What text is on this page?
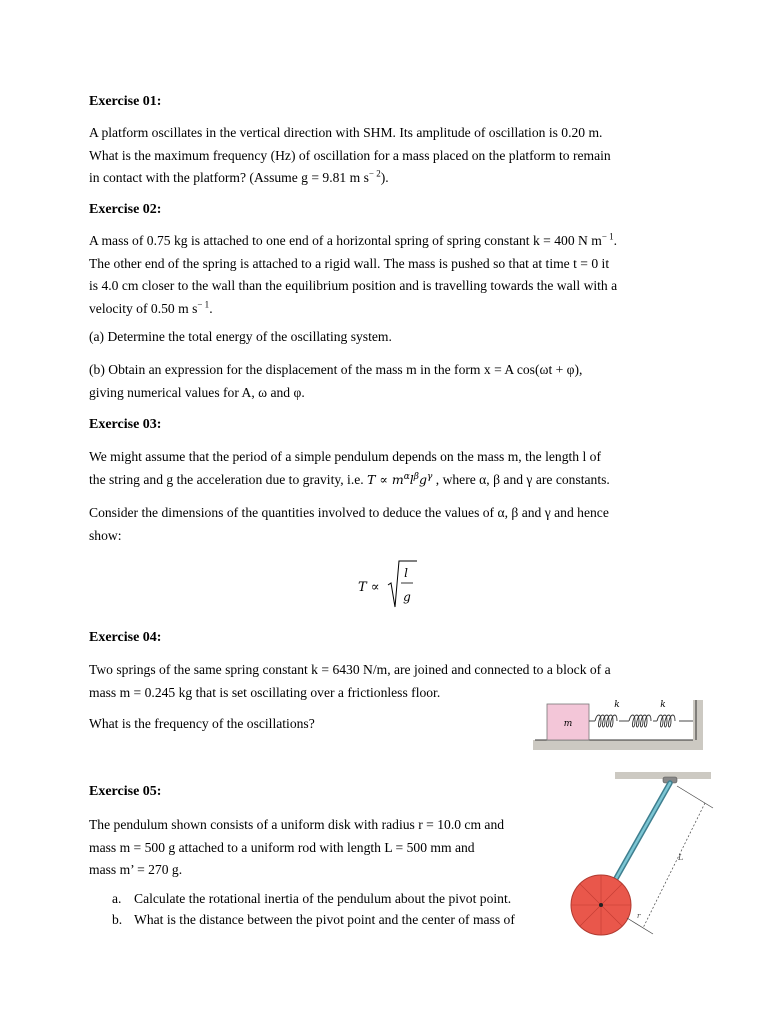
Exercise 01:
A platform oscillates in the vertical direction with SHM. Its amplitude of oscillation is 0.20 m.
What is the maximum frequency (Hz) of oscillation for a mass placed on the platform to remain
in contact with the platform? (Assume g = 9.81 m $s^{- 2}$).
Exercise 02:
A mass of 0.75 kg is attached to one end of a horizontal spring of spring constant k = 400 N $m^{- 1}$.
The other end of the spring is attached to a rigid wall. The mass is pushed so that at time t = 0 it
is 4.0 cm closer to the wall than the equilibrium position and is travelling towards the wall with a
velocity of 0.50 m $s^{- 1}$.
(a) Determine the total energy of the oscillating system.
(b) Obtain an expression for the displacement of the mass m in the form x = A cos(ωt + φ),
giving numerical values for A, ω and φ.
Exercise 03:
We might assume that the period of a simple pendulum depends on the mass m, the length l of
the string and g the acceleration due to gravity, i.e. $T \propto m^\alpha l^\beta g^\gamma$ , where α, β and γ are constants.
Consider the dimensions of the quantities involved to deduce the values of α, β and γ and hence
show:
T ∝
l
g
Exercise 04:
Two springs of the same spring constant k = 6430 N/m, are joined and connected to a block of a
mass m = 0.245 kg that is set oscillating over a frictionless floor.
What is the frequency of the oscillations?	m
k	k
Exercise 05:
The pendulum shown consists of a uniform disk with radius r = 10.0 cm and
mass m = 500 g attached to a uniform rod with length L = 500 mm and
mass m’ = 270 g.
a. Calculate the rotational inertia of the pendulum about the pivot point.
b. What is the distance between the pivot point and the center of mass of
L
r
